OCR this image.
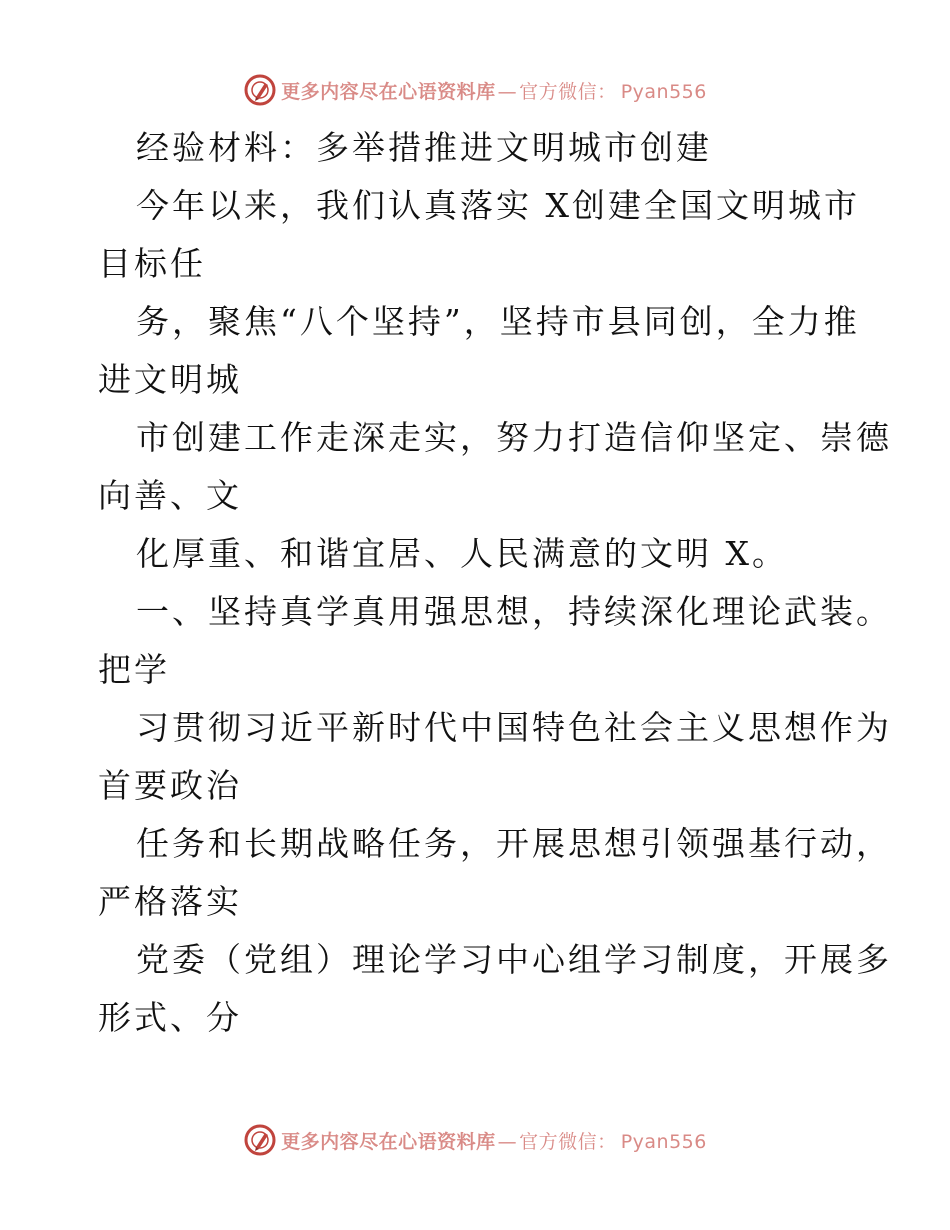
更多内容尽在心语资料库 — 官方微信： Pyan556
经验材料：多举措推进文明城市创建
今年以来，我们认真落实 X创建全国文明城市
目标任
务，聚焦“八个坚持”，坚持市县同创，全力推
进文明城
市创建工作走深走实，努力打造信仰坚定、崇德
向善、文
化厚重、和谐宜居、人民满意的文明 X。
一、坚持真学真用强思想，持续深化理论武装。
把学
习贯彻习近平新时代中国特色社会主义思想作为
首要政治
任务和长期战略任务，开展思想引领强基行动，
严格落实
党委（党组）理论学习中心组学习制度，开展多
形式、分
更多内容尽在心语资料库 — 官方微信： Pyan556
